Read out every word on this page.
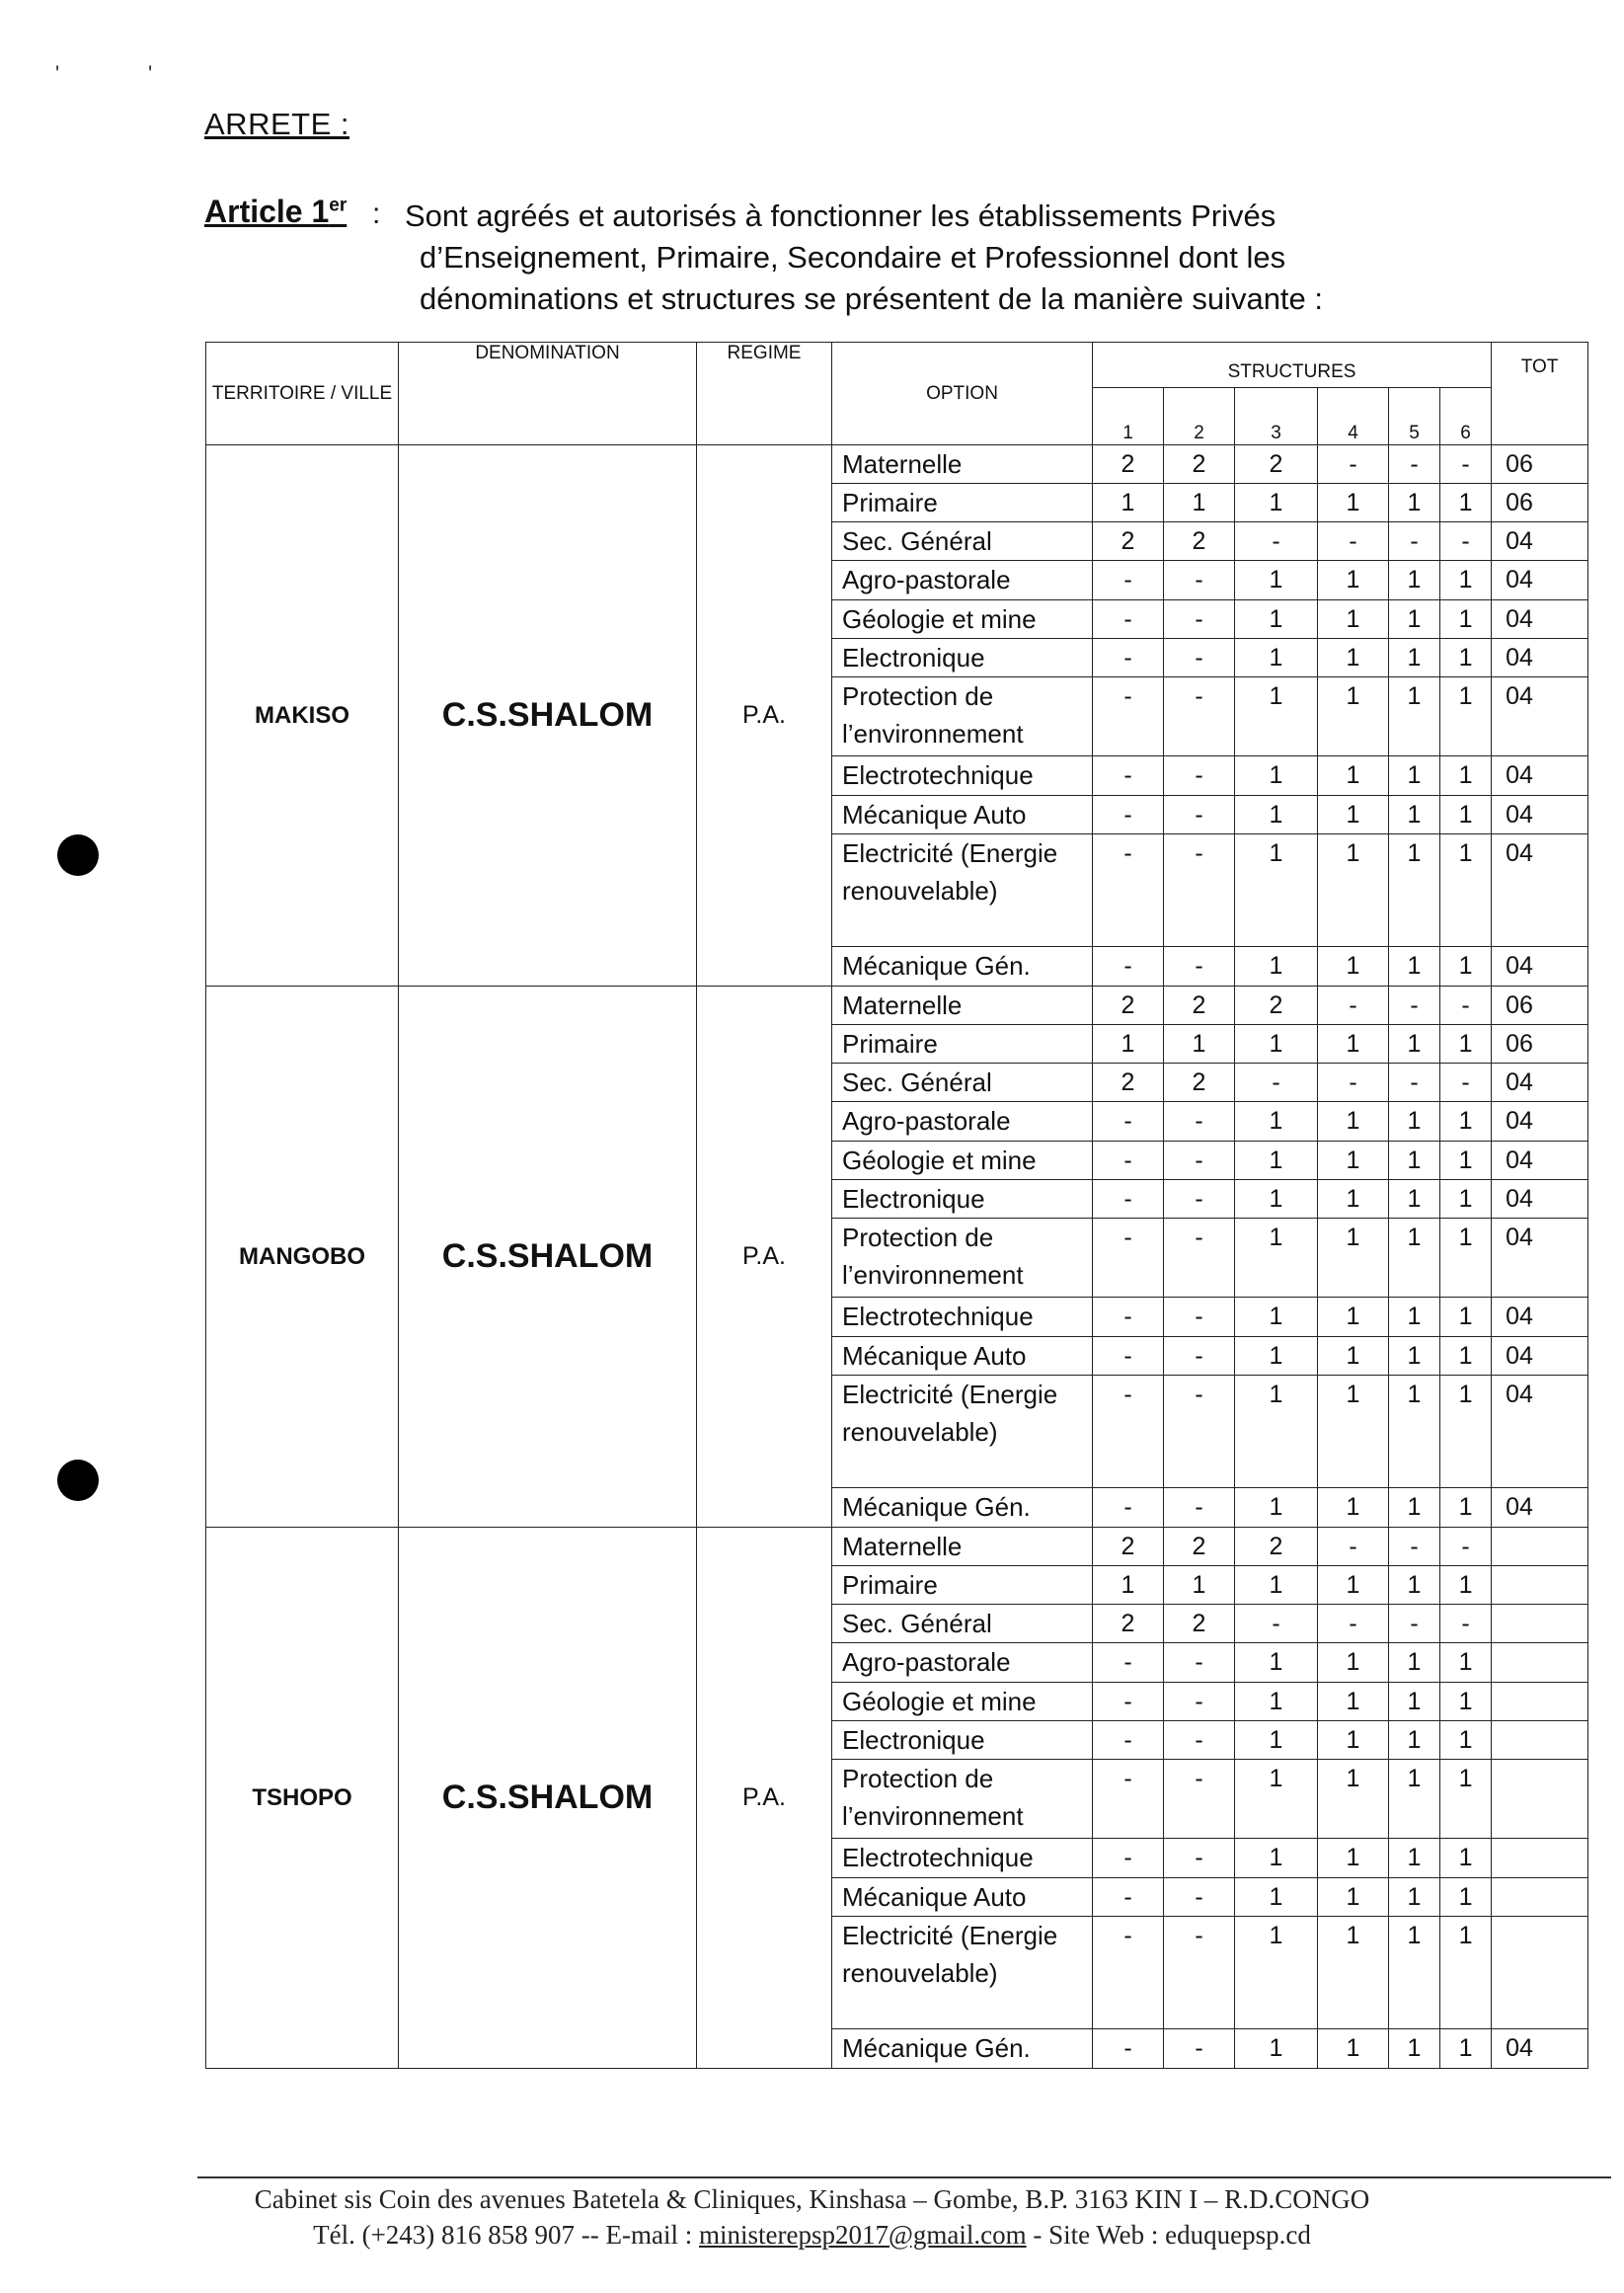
'	'
ARRETE :
Article 1er : Sont agréés et autorisés à fonctionner les établissements Privés
d’Enseignement, Primaire, Secondaire et Professionnel dont les
dénominations et structures se présentent de la manière suivante :
TERRITOIRE / VILLE	DENOMINATION	REGIME	OPTION	STRUCTURES						TOT
				1	2	3	4	5	6	
MAKISO	C.S.SHALOM	P.A.	Maternelle	2	2	2	-	-	-	06
			Primaire	1	1	1	1	1	1	06
			Sec. Général	2	2	-	-	-	-	04
			Agro-pastorale	-	-	1	1	1	1	04
			Géologie et mine	-	-	1	1	1	1	04
			Electronique	-	-	1	1	1	1	04
			Protection de l’environnement	-	-	1	1	1	1	04
			Electrotechnique	-	-	1	1	1	1	04
			Mécanique Auto	-	-	1	1	1	1	04
			Electricité (Energie renouvelable)	-	-	1	1	1	1	04
			Mécanique Gén.	-	-	1	1	1	1	04
MANGOBO	C.S.SHALOM	P.A.	Maternelle	2	2	2	-	-	-	06
			Primaire	1	1	1	1	1	1	06
			Sec. Général	2	2	-	-	-	-	04
			Agro-pastorale	-	-	1	1	1	1	04
			Géologie et mine	-	-	1	1	1	1	04
			Electronique	-	-	1	1	1	1	04
			Protection de l’environnement	-	-	1	1	1	1	04
			Electrotechnique	-	-	1	1	1	1	04
			Mécanique Auto	-	-	1	1	1	1	04
			Electricité (Energie renouvelable)	-	-	1	1	1	1	04
			Mécanique Gén.	-	-	1	1	1	1	04
TSHOPO	C.S.SHALOM	P.A.	Maternelle	2	2	2	-	-	-	
			Primaire	1	1	1	1	1	1	
			Sec. Général	2	2	-	-	-	-	
			Agro-pastorale	-	-	1	1	1	1	
			Géologie et mine	-	-	1	1	1	1	
			Electronique	-	-	1	1	1	1	
			Protection de l’environnement	-	-	1	1	1	1	
			Electrotechnique	-	-	1	1	1	1	
			Mécanique Auto	-	-	1	1	1	1	
			Electricité (Energie renouvelable)	-	-	1	1	1	1	
			Mécanique Gén.	-	-	1	1	1	1	04
Cabinet sis Coin des avenues Batetela & Cliniques, Kinshasa – Gombe, B.P. 3163 KIN I – R.D.CONGO
Tél. (+243) 816 858 907 -- E-mail : ministerepsp2017@gmail.com - Site Web : eduquepsp.cd
